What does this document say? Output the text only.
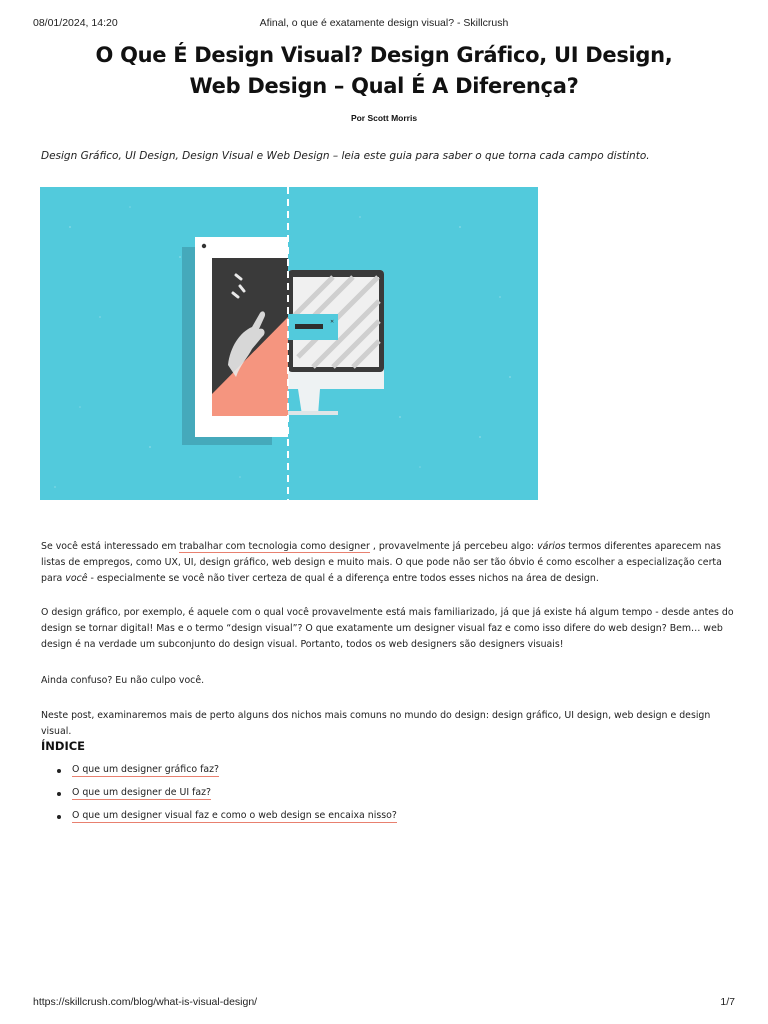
08/01/2024, 14:20	Afinal, o que é exatamente design visual? - Skillcrush
O Que É Design Visual? Design Gráfico, UI Design,
Web Design – Qual É A Diferença?
Por Scott Morris
Design Gráfico, UI Design, Design Visual e Web Design – leia este guia para saber o que torna cada campo distinto.
✕

Se você está interessado em trabalhar com tecnologia como designer , provavelmente já percebeu algo: vários termos diferentes aparecem nas listas de empregos, como UX, UI, design gráfico, web design e muito mais. O que pode não ser tão óbvio é como escolher a especialização certa para você - especialmente se você não tiver certeza de qual é a diferença entre todos esses nichos na área de design.

O design gráfico, por exemplo, é aquele com o qual você provavelmente está mais familiarizado, já que já existe há algum tempo - desde antes do design se tornar digital! Mas e o termo “design visual”? O que exatamente um designer visual faz e como isso difere do web design? Bem… web design é na verdade um subconjunto do design visual. Portanto, todos os web designers são designers visuais!

Ainda confuso? Eu não culpo você.

Neste post, examinaremos mais de perto alguns dos nichos mais comuns no mundo do design: design gráfico, UI design, web design e design visual.

ÍNDICE
O que um designer gráfico faz?
O que um designer de UI faz?
O que um designer visual faz e como o web design se encaixa nisso?
https://skillcrush.com/blog/what-is-visual-design/	1/7
